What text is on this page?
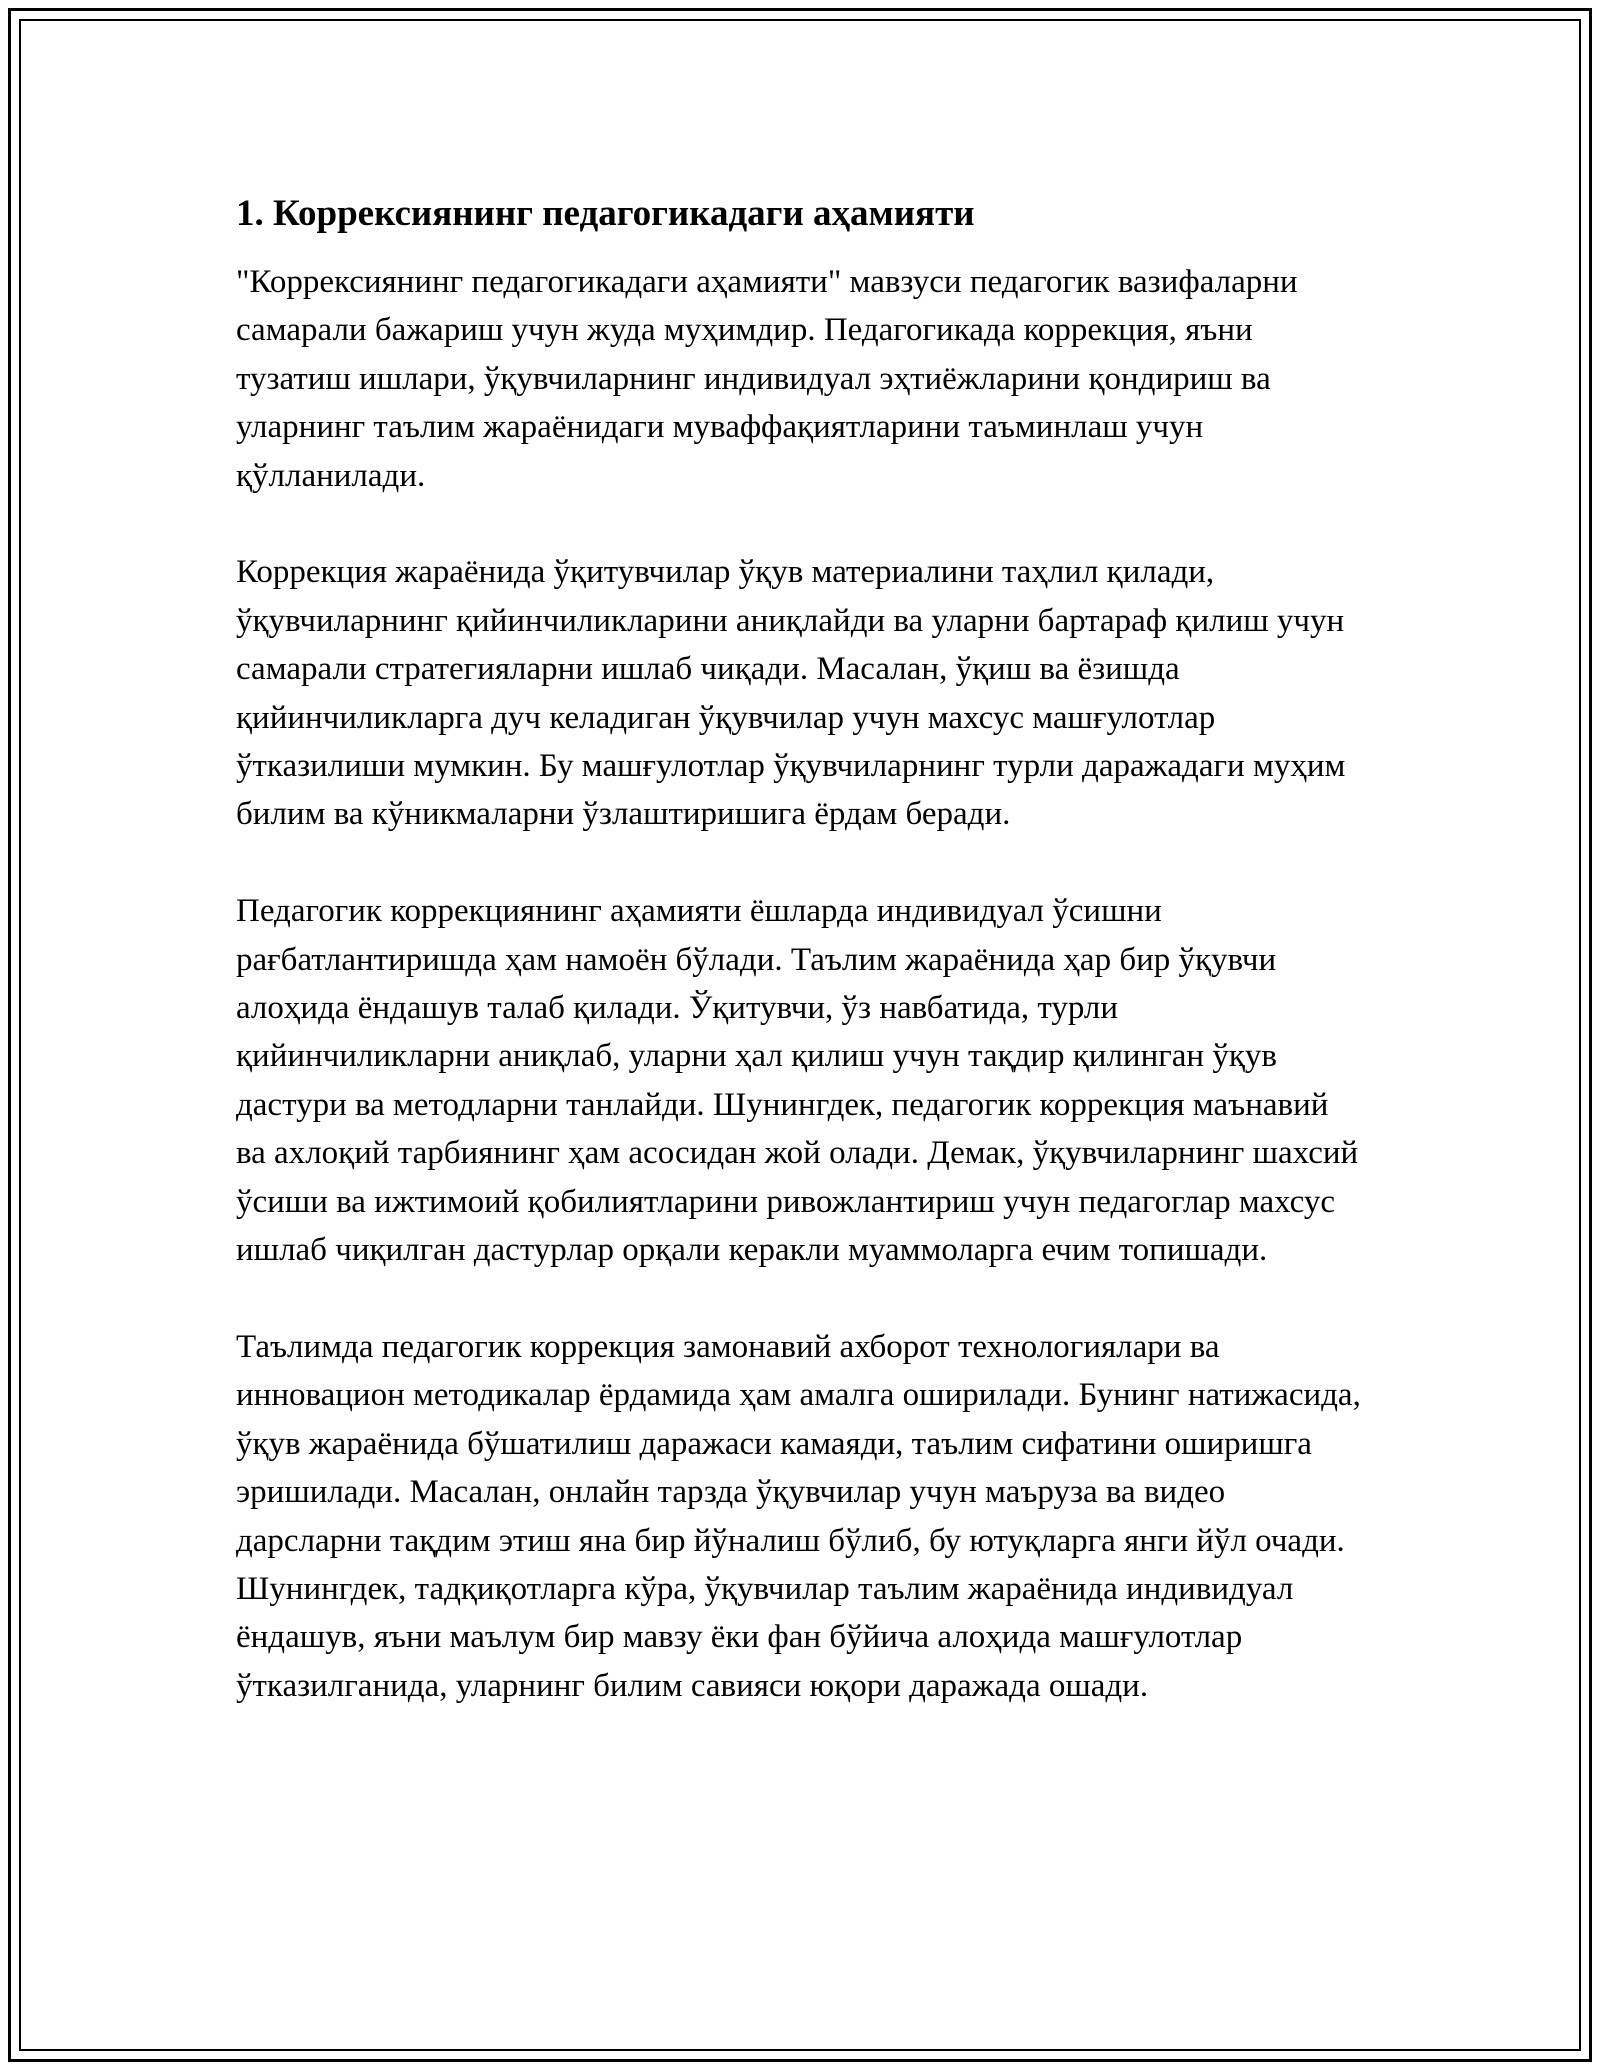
1. Коррексиянинг педагогикадаги аҳамияти

"Коррексиянинг педагогикадаги аҳамияти" мавзуси педагогик вазифаларни самарали бажариш учун жуда муҳимдир. Педагогикада коррекция, яъни тузатиш ишлари, ўқувчиларнинг индивидуал эҳтиёжларини қондириш ва уларнинг таълим жараёнидаги муваффақиятларини таъминлаш учун қўлланилади.

Коррекция жараёнида ўқитувчилар ўқув материалини таҳлил қилади, ўқувчиларнинг қийинчиликларини аниқлайди ва уларни бартараф қилиш учун самарали стратегияларни ишлаб чиқади. Масалан, ўқиш ва ёзишда қийинчиликларга дуч келадиган ўқувчилар учун махсус машғулотлар ўтказилиши мумкин. Бу машғулотлар ўқувчиларнинг турли даражадаги муҳим билим ва кўникмаларни ўзлаштиришига ёрдам беради.

Педагогик коррекциянинг аҳамияти ёшларда индивидуал ўсишни рағбатлантиришда ҳам намоён бўлади. Таълим жараёнида ҳар бир ўқувчи алоҳида ёндашув талаб қилади. Ўқитувчи, ўз навбатида, турли қийинчиликларни аниқлаб, уларни ҳал қилиш учун тақдир қилинган ўқув дастури ва методларни танлайди. Шунингдек, педагогик коррекция маънавий ва ахлоқий тарбиянинг ҳам асосидан жой олади. Демак, ўқувчиларнинг шахсий ўсиши ва ижтимоий қобилиятларини ривожлантириш учун педагоглар махсус ишлаб чиқилган дастурлар орқали керакли муаммоларга ечим топишади.

Таълимда педагогик коррекция замонавий ахборот технологиялари ва инновацион методикалар ёрдамида ҳам амалга оширилади. Бунинг натижасида, ўқув жараёнида бўшатилиш даражаси камаяди, таълим сифатини оширишга эришилади. Масалан, онлайн тарзда ўқувчилар учун маъруза ва видео дарсларни тақдим этиш яна бир йўналиш бўлиб, бу ютуқларга янги йўл очади. Шунингдек, тадқиқотларга кўра, ўқувчилар таълим жараёнида индивидуал ёндашув, яъни маълум бир мавзу ёки фан бўйича алоҳида машғулотлар ўтказилганида, уларнинг билим савияси юқори даражада ошади.
